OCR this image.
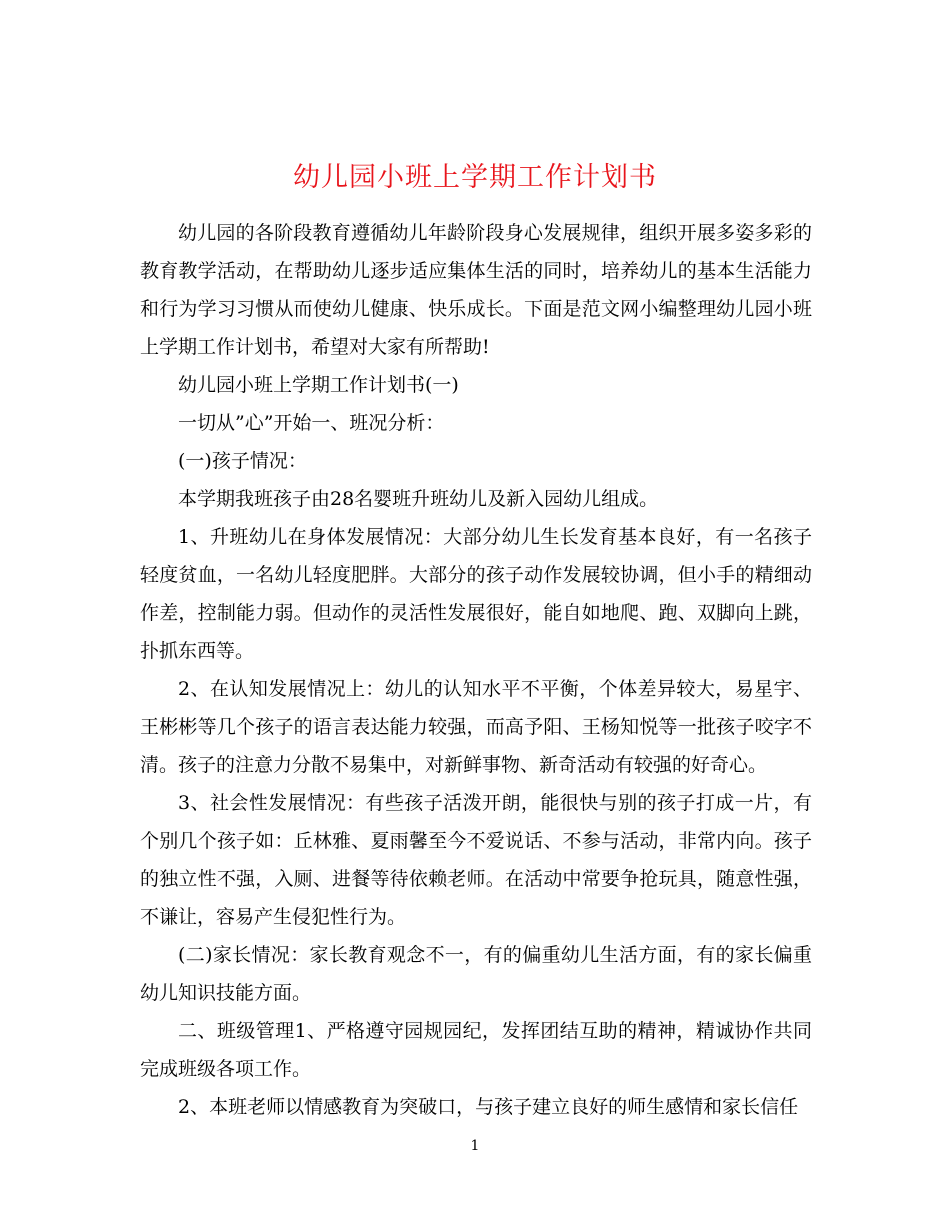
幼儿园小班上学期工作计划书

幼儿园的各阶段教育遵循幼儿年龄阶段身心发展规律，组织开展多姿多彩的教育教学活动，在帮助幼儿逐步适应集体生活的同时，培养幼儿的基本生活能力和行为学习习惯从而使幼儿健康、快乐成长。下面是范文网小编整理幼儿园小班上学期工作计划书，希望对大家有所帮助!

幼儿园小班上学期工作计划书(一)

一切从”心”开始一、班况分析：

(一)孩子情况：

本学期我班孩子由28名婴班升班幼儿及新入园幼儿组成。

1、升班幼儿在身体发展情况：大部分幼儿生长发育基本良好，有一名孩子轻度贫血，一名幼儿轻度肥胖。大部分的孩子动作发展较协调，但小手的精细动作差，控制能力弱。但动作的灵活性发展很好，能自如地爬、跑、双脚向上跳，扑抓东西等。

2、在认知发展情况上：幼儿的认知水平不平衡，个体差异较大，易星宇、王彬彬等几个孩子的语言表达能力较强，而高予阳、王杨知悦等一批孩子咬字不清。孩子的注意力分散不易集中，对新鲜事物、新奇活动有较强的好奇心。

3、社会性发展情况：有些孩子活泼开朗，能很快与别的孩子打成一片，有个别几个孩子如：丘林雅、夏雨馨至今不爱说话、不参与活动，非常内向。孩子的独立性不强，入厕、进餐等待依赖老师。在活动中常要争抢玩具，随意性强，不谦让，容易产生侵犯性行为。

(二)家长情况：家长教育观念不一，有的偏重幼儿生活方面，有的家长偏重幼儿知识技能方面。

二、班级管理1、严格遵守园规园纪，发挥团结互助的精神，精诚协作共同完成班级各项工作。

2、本班老师以情感教育为突破口，与孩子建立良好的师生感情和家长信任

1
